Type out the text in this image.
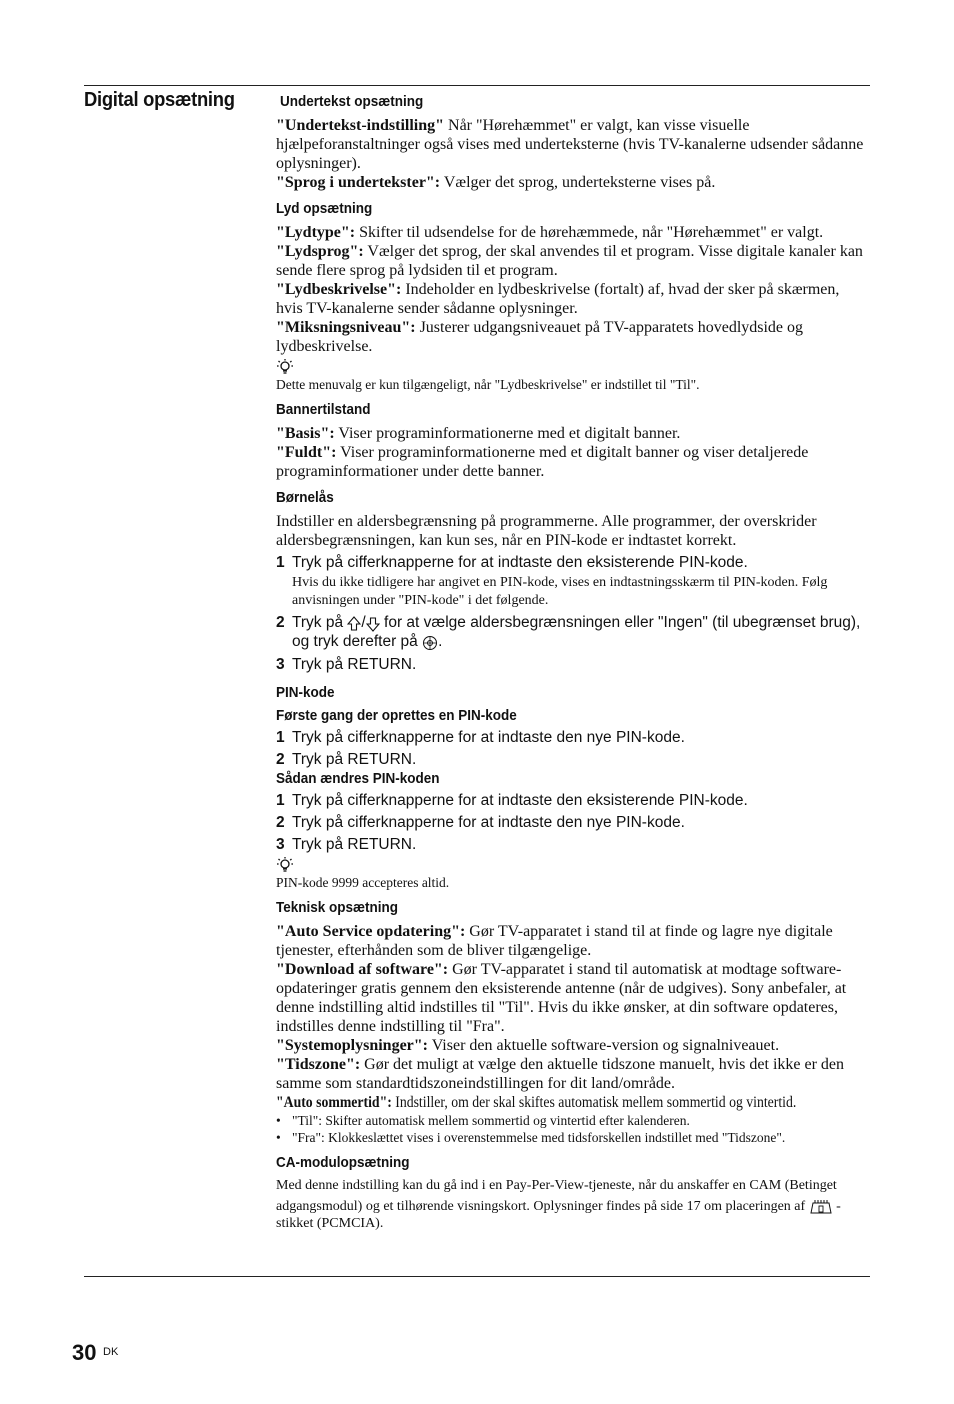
Digital opsætning	Undertekst opsætning
"Undertekst-indstilling" Når "Hørehæmmet" er valgt, kan visse visuelle hjælpeforanstaltninger også vises med underteksterne (hvis TV-kanalerne udsender sådanne oplysninger).
"Sprog i undertekster": Vælger det sprog, underteksterne vises på.
Lyd opsætning
"Lydtype": Skifter til udsendelse for de hørehæmmede, når "Hørehæmmet" er valgt.
"Lydsprog": Vælger det sprog, der skal anvendes til et program. Visse digitale kanaler kan sende flere sprog på lydsiden til et program.
"Lydbeskrivelse": Indeholder en lydbeskrivelse (fortalt) af, hvad der sker på skærmen, hvis TV-kanalerne sender sådanne oplysninger.
"Miksningsniveau": Justerer udgangsniveauet på TV-apparatets hovedlydside og lydbeskrivelse.
Dette menuvalg er kun tilgængeligt, når "Lydbeskrivelse" er indstillet til "Til".
Bannertilstand
"Basis": Viser programinformationerne med et digitalt banner.
"Fuldt": Viser programinformationerne med et digitalt banner og viser detaljerede programinformationer under dette banner.
Børnelås
Indstiller en aldersbegrænsning på programmerne. Alle programmer, der overskrider aldersbegrænsningen, kan kun ses, når en PIN-kode er indtastet korrekt.
1 Tryk på cifferknapperne for at indtaste den eksisterende PIN-kode.
Hvis du ikke tidligere har angivet en PIN-kode, vises en indtastningsskærm til PIN-koden. Følg anvisningen under "PIN-kode" i det følgende.
2 Tryk på / for at vælge aldersbegrænsningen eller "Ingen" (til ubegrænset brug), og tryk derefter på .
3 Tryk på RETURN.
PIN-kode
Første gang der oprettes en PIN-kode
1 Tryk på cifferknapperne for at indtaste den nye PIN-kode.
2 Tryk på RETURN.
Sådan ændres PIN-koden
1 Tryk på cifferknapperne for at indtaste den eksisterende PIN-kode.
2 Tryk på cifferknapperne for at indtaste den nye PIN-kode.
3 Tryk på RETURN.
PIN-kode 9999 accepteres altid.
Teknisk opsætning
"Auto Service opdatering": Gør TV-apparatet i stand til at finde og lagre nye digitale tjenester, efterhånden som de bliver tilgængelige.
"Download af software": Gør TV-apparatet i stand til automatisk at modtage software-opdateringer gratis gennem den eksisterende antenne (når de udgives). Sony anbefaler, at denne indstilling altid indstilles til "Til". Hvis du ikke ønsker, at din software opdateres, indstilles denne indstilling til "Fra".
"Systemoplysninger": Viser den aktuelle software-version og signalniveauet.
"Tidszone": Gør det muligt at vælge den aktuelle tidszone manuelt, hvis det ikke er den samme som standardtidszoneindstillingen for dit land/område.
"Auto sommertid": Indstiller, om der skal skiftes automatisk mellem sommertid og vintertid.
• "Til": Skifter automatisk mellem sommertid og vintertid efter kalenderen.
• "Fra": Klokkeslættet vises i overenstemmelse med tidsforskellen indstillet med "Tidszone".
CA-modulopsætning
Med denne indstilling kan du gå ind i en Pay-Per-View-tjeneste, når du anskaffer en CAM (Betinget adgangsmodul) og et tilhørende visningskort. Oplysninger findes på side 17 om placeringen af  -stikket (PCMCIA).
30 DK
